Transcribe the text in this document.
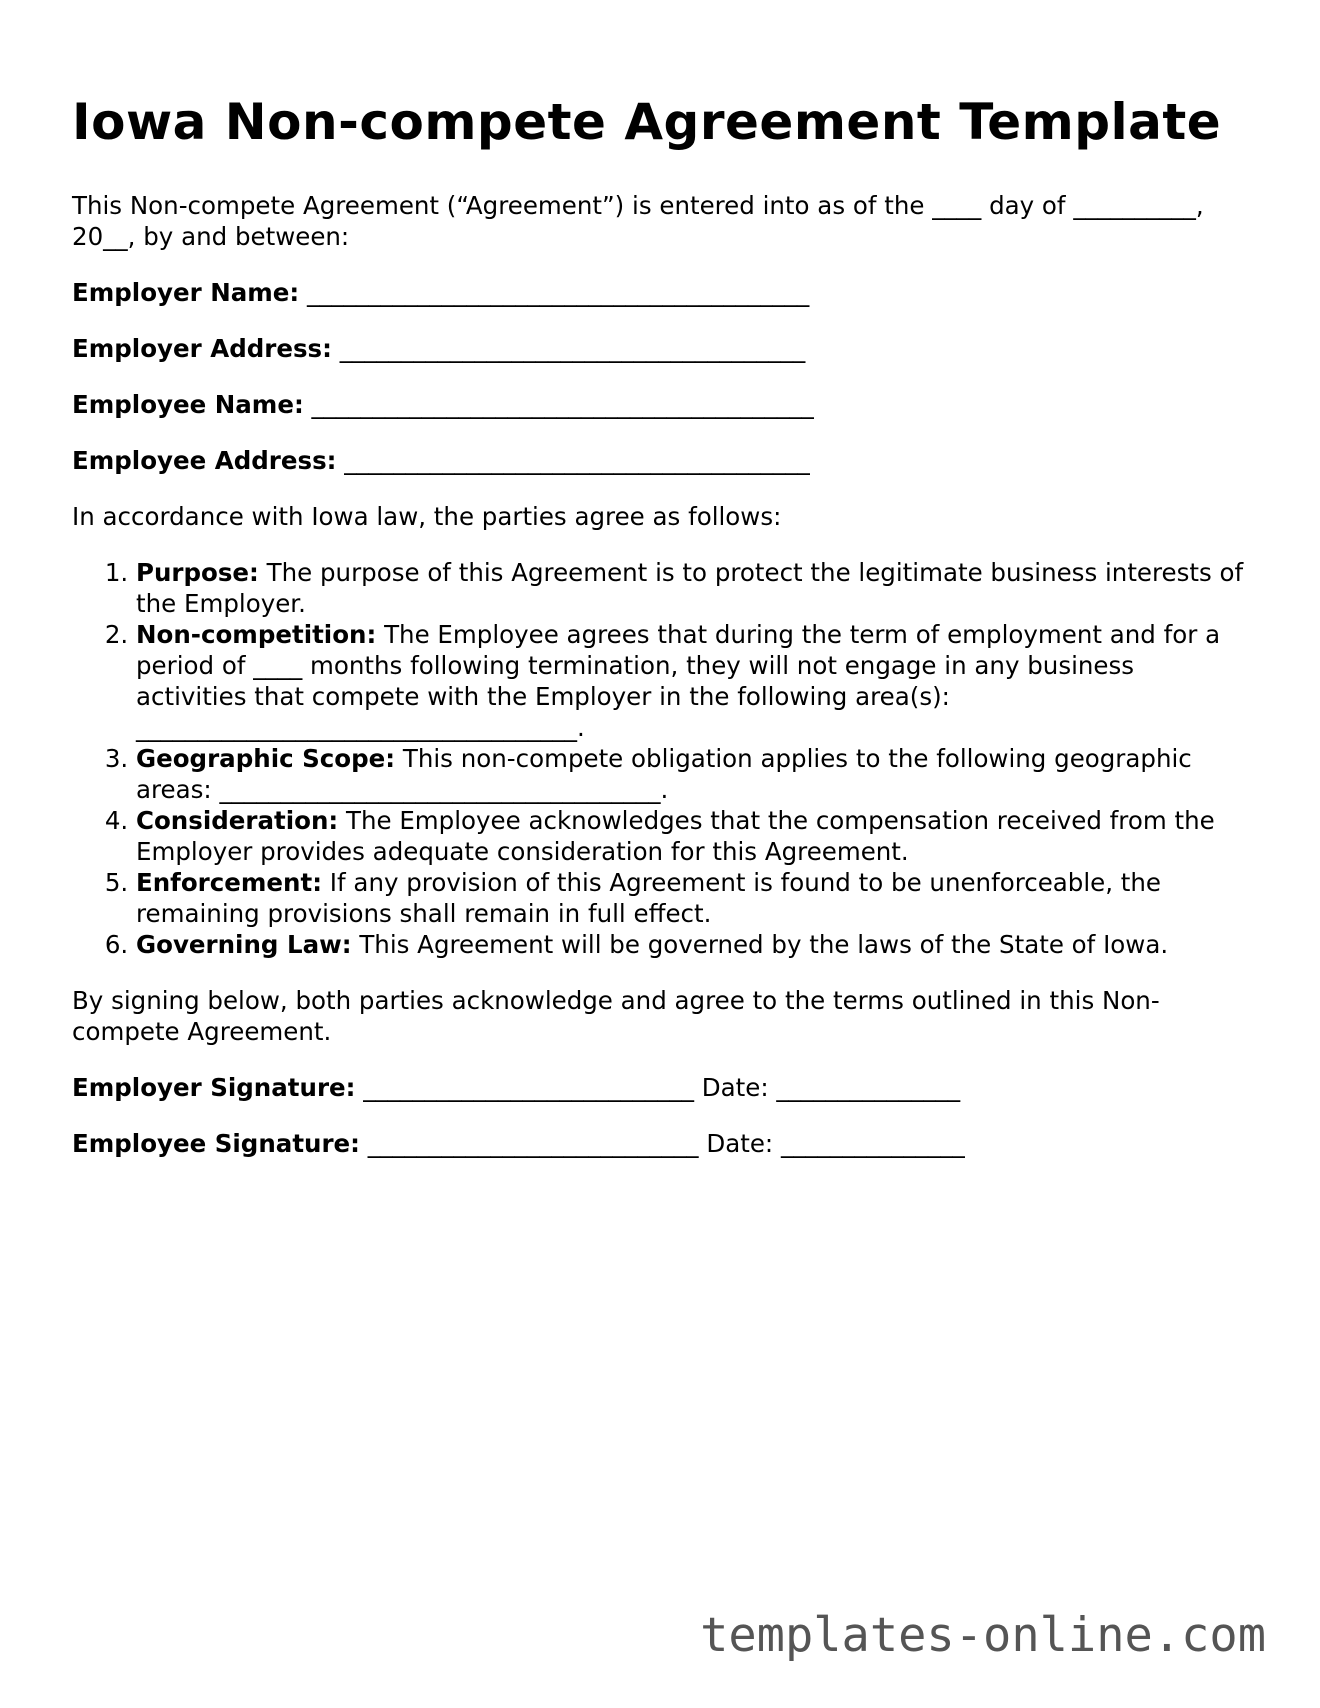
Iowa Non-compete Agreement Template

This Non-compete Agreement (“Agreement”) is entered into as of the ____ day of __________, 20__, by and between:

Employer Name: _________________________________________
Employer Address: ______________________________________
Employee Name: _________________________________________
Employee Address: ______________________________________

In accordance with Iowa law, the parties agree as follows:

1. Purpose: The purpose of this Agreement is to protect the legitimate business interests of the Employer.
2. Non-competition: The Employee agrees that during the term of employment and for a period of ____ months following termination, they will not engage in any business activities that compete with the Employer in the following area(s): ____________________________________.
3. Geographic Scope: This non-compete obligation applies to the following geographic areas: ____________________________________.
4. Consideration: The Employee acknowledges that the compensation received from the Employer provides adequate consideration for this Agreement.
5. Enforcement: If any provision of this Agreement is found to be unenforceable, the remaining provisions shall remain in full effect.
6. Governing Law: This Agreement will be governed by the laws of the State of Iowa.

By signing below, both parties acknowledge and agree to the terms outlined in this Non-compete Agreement.

Employer Signature: ___________________________ Date: _______________
Employee Signature: ___________________________ Date: _______________
templates-online.com
